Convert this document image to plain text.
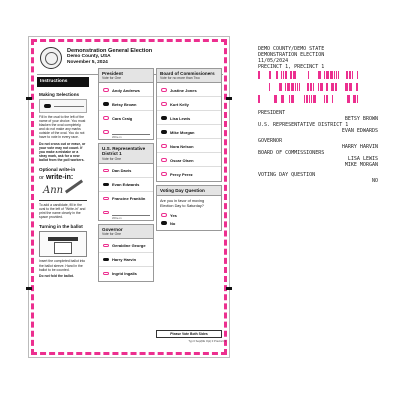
Demonstration General Election
Demo County, USA
November 5, 2024
Instructions
Making Selections
Fill in the oval to the left of the name of your choice. You must blacken the oval completely, and do not make any marks outside of the oval. You do not have to vote in every race.
Do not cross out or erase, or your vote may not count. If you make a mistake or a stray mark, ask for a new ballot from the poll workers.
Optional write-in
or write-in:
Ann
To add a candidate, fill in the oval to the left of "Write-in" and print the name clearly in the space provided.
Turning in the ballot
Insert the completed ballot into the ballot sleeve. Hand in the ballot to be counted.
Do not fold the ballot.
President
Vote for One
Andy Andrews
Betsy Brown
Cara Craig
Write-in
U.S. Representative District 1
Vote for One
Dan Davis
Evan Edwards
Francine Franklin
Write-in
Governor
Vote for One
Geraldine George
Harry Harvin
Ingrid Ingalls
Board of Commissioners
Vote for no more than Two
Justine Jones
Kurt Kelly
Lisa Lewis
Mike Morgan
Nora Nelson
Oscar Olsen
Percy Perez
Voting Day Question
Are you in favor of moving Election Day to Saturday?
Yes
No
Please Vote Both Sides
Typ 0 Sep(DE Opt) 0 Precinct 1
DEMO COUNTY/DEMO STATE
DEMONSTRATION ELECTION
11/05/2024
PRECINCT 1, PRECINCT 1

PRESIDENT
BETSY BROWN
U.S. REPRESENTATIVE DISTRICT 1
EVAN EDWARDS
GOVERNOR
HARRY HARVIN
BOARD OF COMMISSIONERS
LISA LEWIS
MIKE MORGAN
VOTING DAY QUESTION
NO
